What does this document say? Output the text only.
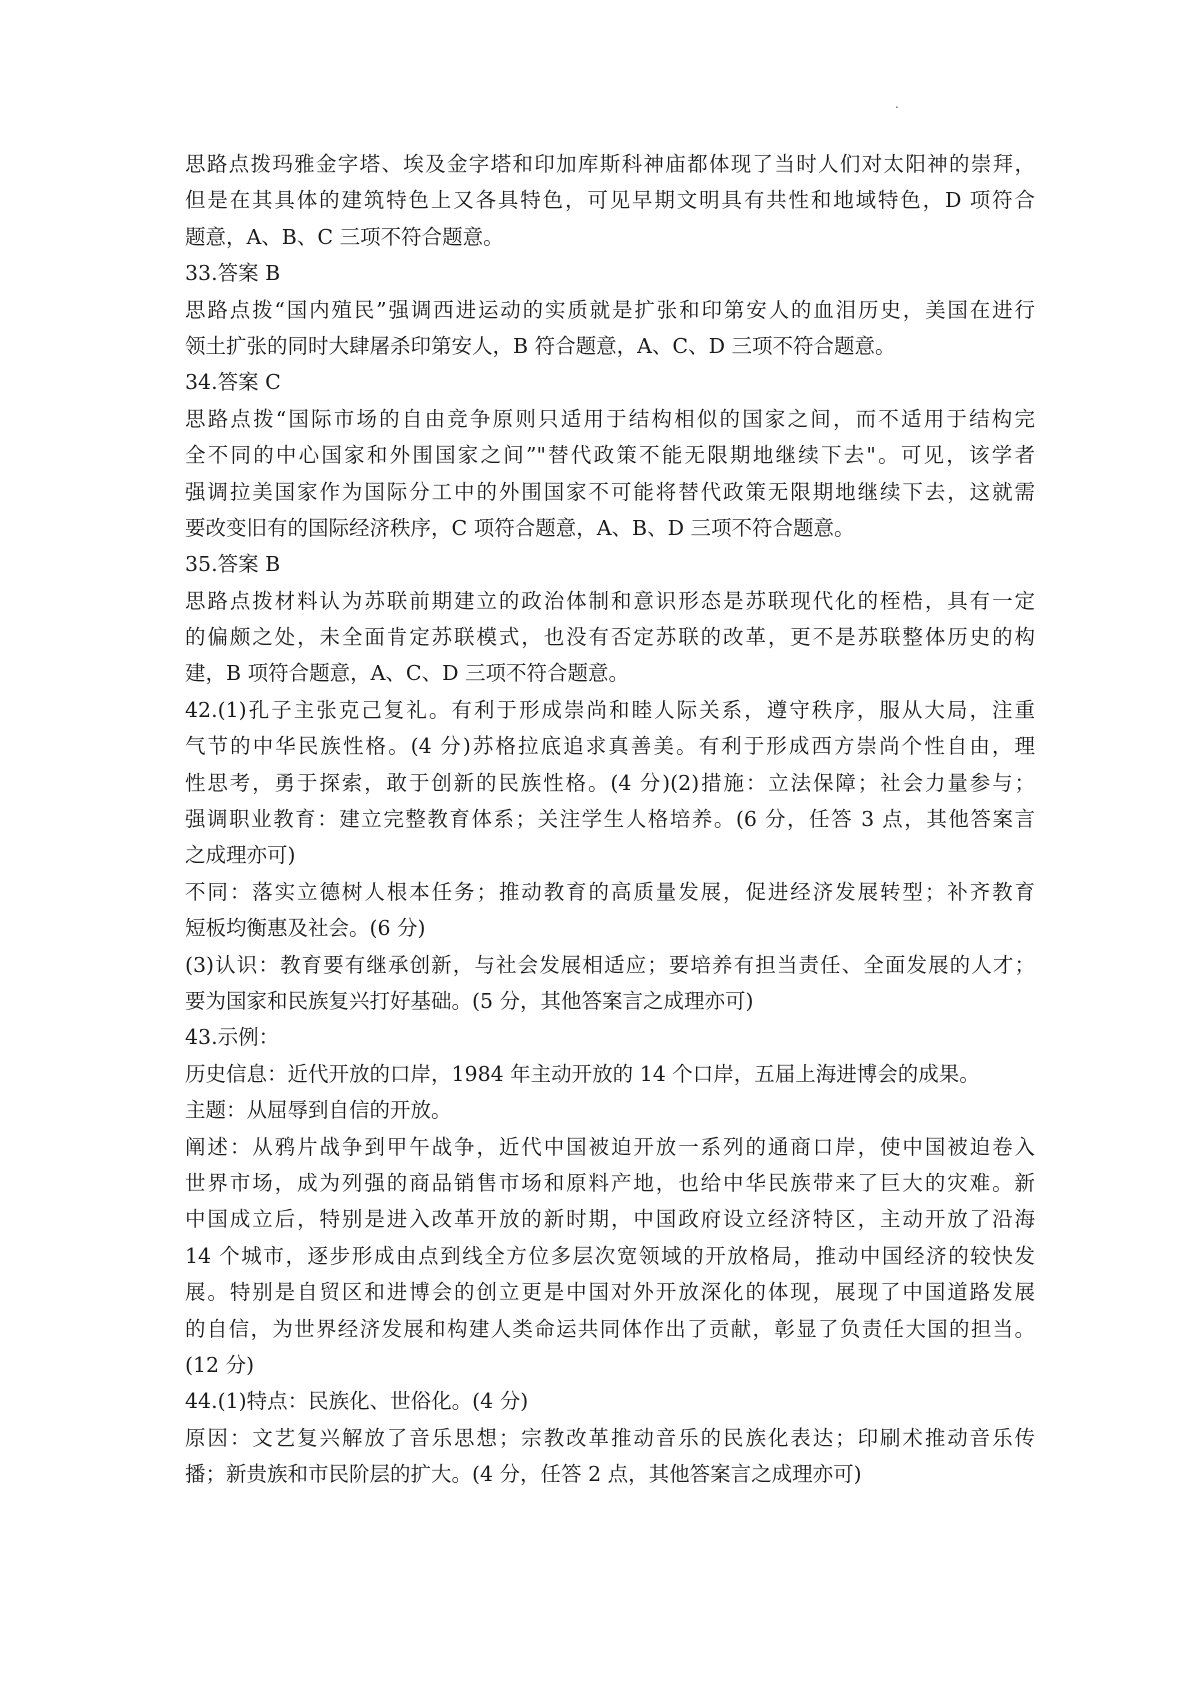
.
思路点拨玛雅金字塔、埃及金字塔和印加库斯科神庙都体现了当时人们对太阳神的崇拜，
但是在其具体的建筑特色上又各具特色，可见早期文明具有共性和地域特色，D 项符合
题意，A、B、C 三项不符合题意。
33.答案 B
思路点拨“国内殖民”强调西进运动的实质就是扩张和印第安人的血泪历史，美国在进行
领土扩张的同时大肆屠杀印第安人，B 符合题意，A、C、D 三项不符合题意。
34.答案 C
思路点拨“国际市场的自由竞争原则只适用于结构相似的国家之间，而不适用于结构完
全不同的中心国家和外围国家之间”"替代政策不能无限期地继续下去"。可见，该学者
强调拉美国家作为国际分工中的外围国家不可能将替代政策无限期地继续下去，这就需
要改变旧有的国际经济秩序，C 项符合题意，A、B、D 三项不符合题意。
35.答案 B
思路点拨材料认为苏联前期建立的政治体制和意识形态是苏联现代化的桎梏，具有一定
的偏颇之处，未全面肯定苏联模式，也没有否定苏联的改革，更不是苏联整体历史的构
建，B 项符合题意，A、C、D 三项不符合题意。
42.(1)孔子主张克己复礼。有利于形成崇尚和睦人际关系，遵守秩序，服从大局，注重
气节的中华民族性格。(4 分)苏格拉底追求真善美。有利于形成西方崇尚个性自由，理
性思考，勇于探索，敢于创新的民族性格。(4 分)(2)措施：立法保障；社会力量参与；
强调职业教育：建立完整教育体系；关注学生人格培养。(6 分，任答 3 点，其他答案言
之成理亦可)
不同：落实立德树人根本任务；推动教育的高质量发展，促进经济发展转型；补齐教育
短板均衡惠及社会。(6 分)
(3)认识：教育要有继承创新，与社会发展相适应；要培养有担当责任、全面发展的人才；
要为国家和民族复兴打好基础。(5 分，其他答案言之成理亦可)
43.示例：
历史信息：近代开放的口岸，1984 年主动开放的 14 个口岸，五届上海进博会的成果。
主题：从屈辱到自信的开放。
阐述：从鸦片战争到甲午战争，近代中国被迫开放一系列的通商口岸，使中国被迫卷入
世界市场，成为列强的商品销售市场和原料产地，也给中华民族带来了巨大的灾难。新
中国成立后，特别是进入改革开放的新时期，中国政府设立经济特区，主动开放了沿海
14 个城市，逐步形成由点到线全方位多层次宽领域的开放格局，推动中国经济的较快发
展。特别是自贸区和进博会的创立更是中国对外开放深化的体现，展现了中国道路发展
的自信，为世界经济发展和构建人类命运共同体作出了贡献，彰显了负责任大国的担当。
(12 分)
44.(1)特点：民族化、世俗化。(4 分)
原因：文艺复兴解放了音乐思想；宗教改革推动音乐的民族化表达；印刷术推动音乐传
播；新贵族和市民阶层的扩大。(4 分，任答 2 点，其他答案言之成理亦可)
